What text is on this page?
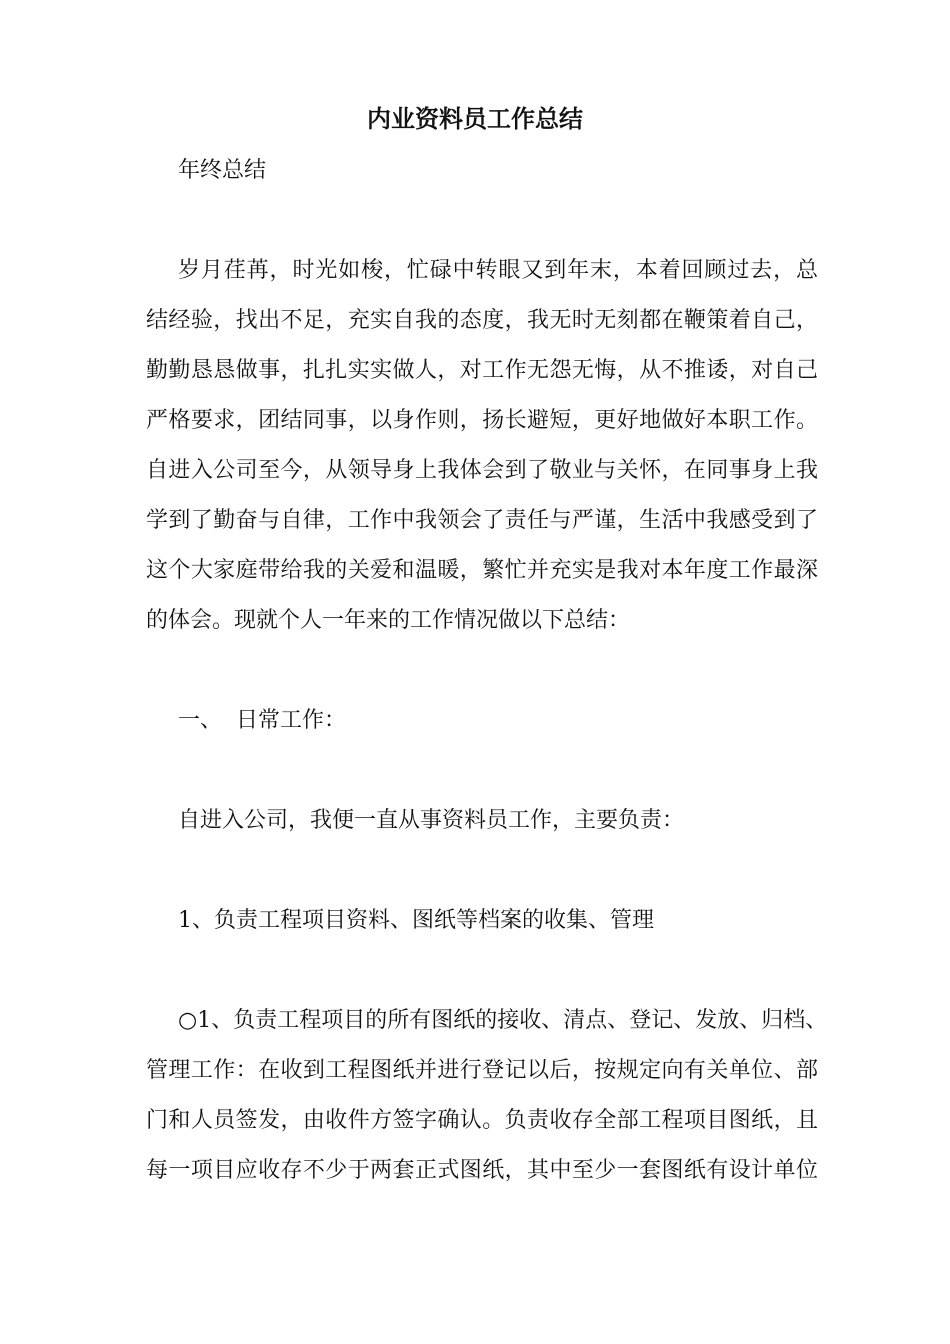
内业资料员工作总结
年终总结
岁月荏苒，时光如梭，忙碌中转眼又到年末，本着回顾过去，总
结经验，找出不足，充实自我的态度，我无时无刻都在鞭策着自己，
勤勤恳恳做事，扎扎实实做人，对工作无怨无悔，从不推诿，对自己
严格要求，团结同事，以身作则，扬长避短，更好地做好本职工作。
自进入公司至今，从领导身上我体会到了敬业与关怀，在同事身上我
学到了勤奋与自律，工作中我领会了责任与严谨，生活中我感受到了
这个大家庭带给我的关爱和温暖，繁忙并充实是我对本年度工作最深
的体会。现就个人一年来的工作情况做以下总结：
一、  日常工作：
自进入公司，我便一直从事资料员工作，主要负责：
1、负责工程项目资料、图纸等档案的收集、管理
○1、负责工程项目的所有图纸的接收、清点、登记、发放、归档、
管理工作：在收到工程图纸并进行登记以后，按规定向有关单位、部
门和人员签发，由收件方签字确认。负责收存全部工程项目图纸，且
每一项目应收存不少于两套正式图纸，其中至少一套图纸有设计单位
